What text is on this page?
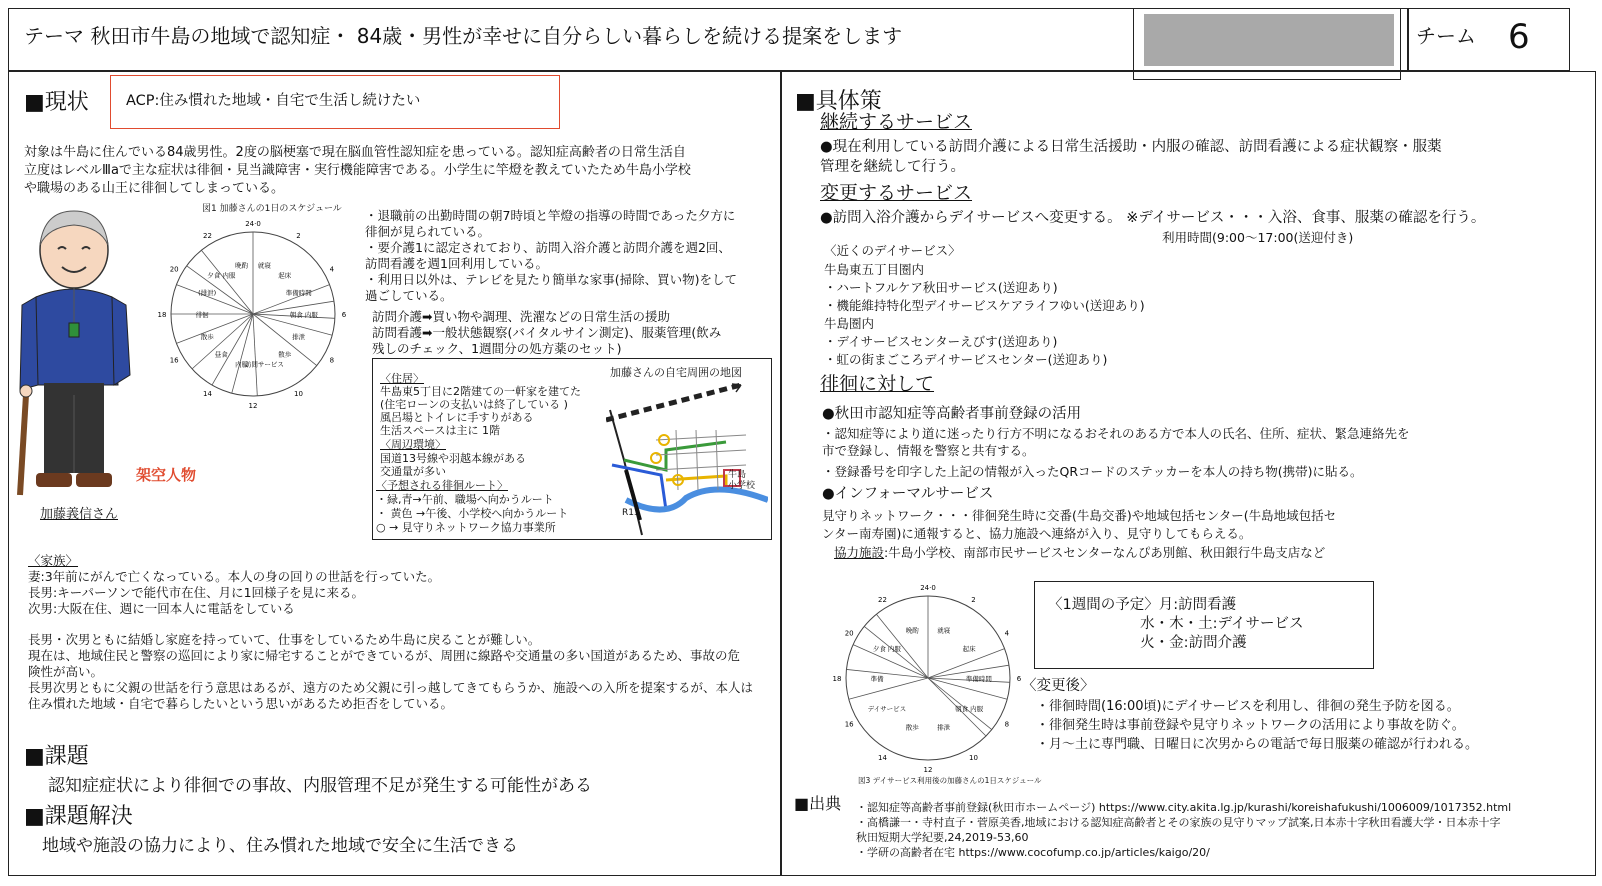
テーマ 秋田市牛島の地域で認知症・ 84歳・男性が幸せに自分らしい暮らしを続ける提案をします	チーム 6
■現状	ACP:住み慣れた地域・自宅で生活し続けたい
対象は牛島に住んでいる84歳男性。2度の脳梗塞で現在脳血管性認知症を患っている。認知症高齢者の日常生活自
立度はレベルⅢaで主な症状は徘徊・見当識障害・実行機能障害である。小学生に竿燈を教えていたため牛島小学校
や職場のある山王に徘徊してしまっている。
架空人物
加藤義信さん
図1 加藤さんの1日のスケジュール
24·0
2
4
6
8
10
12
14
16
18
20
22
就寝
起床
準備時間
朝食 内服
排泄
散歩
訪問サービス
内服
昼食
散歩
徘徊
(排泄)
夕食 内服
晩酌
・退職前の出勤時間の朝7時頃と竿燈の指導の時間であった夕方に
徘徊が見られている。
・要介護1に認定されており、訪問入浴介護と訪問介護を週2回、
訪問看護を週1回利用している。
・利用日以外は、テレビを見たり簡単な家事(掃除、買い物)をして
過ごしている。
訪問介護➡買い物や調理、洗濯などの日常生活の援助
訪問看護➡一般状態観察(バイタルサイン測定)、服薬管理(飲み
残しのチェック、1週間分の処方薬のセット)
〈住居〉
牛島東5丁目に2階建ての一軒家を建てた
(住宅ローンの支払いは終了している )
風呂場とトイレに手すりがある
生活スペースは主に 1階
〈周辺環境〉
国道13号線や羽越本線がある
交通量が多い
〈予想される徘徊ルート〉
・緑,青→午前、職場へ向かうルート
・ 黄色 →午後、小学校へ向かうルート
○ → 見守りネットワーク協力事業所
加藤さんの自宅周囲の地図
R13
牛島
小学校
〈家族〉
妻:3年前にがんで亡くなっている。本人の身の回りの世話を行っていた。
長男:キーパーソンで能代市在住、月に1回様子を見に来る。
次男:大阪在住、週に一回本人に電話をしている
長男・次男ともに結婚し家庭を持っていて、仕事をしているため牛島に戻ることが難しい。
現在は、地域住民と警察の巡回により家に帰宅することができているが、周囲に線路や交通量の多い国道があるため、事故の危
険性が高い。
長男次男ともに父親の世話を行う意思はあるが、遠方のため父親に引っ越してきてもらうか、施設への入所を提案するが、本人は
住み慣れた地域・自宅で暮らしたいという思いがあるため拒否をしている。
■課題
認知症症状により徘徊での事故、内服管理不足が発生する可能性がある
■課題解決
地域や施設の協力により、住み慣れた地域で安全に生活できる
■具体策
継続するサービス
●現在利用している訪問介護による日常生活援助・内服の確認、訪問看護による症状観察・服薬
管理を継続して行う。
変更するサービス
●訪問入浴介護からデイサービスへ変更する。 ※デイサービス・・・入浴、食事、服薬の確認を行う。
利用時間(9:00〜17:00(送迎付き)
〈近くのデイサービス〉
牛島東五丁目圏内
・ハートフルケア秋田サービス(送迎あり)
・機能維持特化型デイサービスケアライフゆい(送迎あり)
牛島圏内
・デイサービスセンターえびす(送迎あり)
・虹の街まごころデイサービスセンター(送迎あり)
徘徊に対して
●秋田市認知症等高齢者事前登録の活用
・認知症等により道に迷ったり行方不明になるおそれのある方で本人の氏名、住所、症状、緊急連絡先を
市で登録し、情報を警察と共有する。
・登録番号を印字した上記の情報が入ったQRコードのステッカーを本人の持ち物(携帯)に貼る。
●インフォーマルサービス
見守りネットワーク・・・徘徊発生時に交番(牛島交番)や地域包括センター(牛島地域包括セ
ンター南寿園)に通報すると、協力施設へ連絡が入り、見守りしてもらえる。
協力施設 :牛島小学校、南部市民サービスセンターなんぴあ別館、秋田銀行牛島支店など
24·0
2
4
6
8
10
12
14
16
18
20
22
就寝
起床
準備時間
朝食 内服
排泄
散歩
デイサービス
準備
夕食 内服
晩酌
図3 デイサービス利用後の加藤さんの1日スケジュール
〈1週間の予定〉月:訪問看護
水・木・土:デイサービス
火・金:訪問介護
〈変更後〉
・徘徊時間(16:00頃)にデイサービスを利用し、徘徊の発生予防を図る。
・徘徊発生時は事前登録や見守りネットワークの活用により事故を防ぐ。
・月〜土に専門職、日曜日に次男からの電話で毎日服薬の確認が行われる。
■出典 ・認知症等高齢者事前登録(秋田市ホームページ) https://www.city.akita.lg.jp/kurashi/koreishafukushi/1006009/1017352.html
・高橋謙一・寺村直子・菅原美香,地域における認知症高齢者とその家族の見守りマップ試案,日本赤十字秋田看護大学・日本赤十字
秋田短期大学紀要,24,2019-53,60
・学研の高齢者在宅 https://www.cocofump.co.jp/articles/kaigo/20/
